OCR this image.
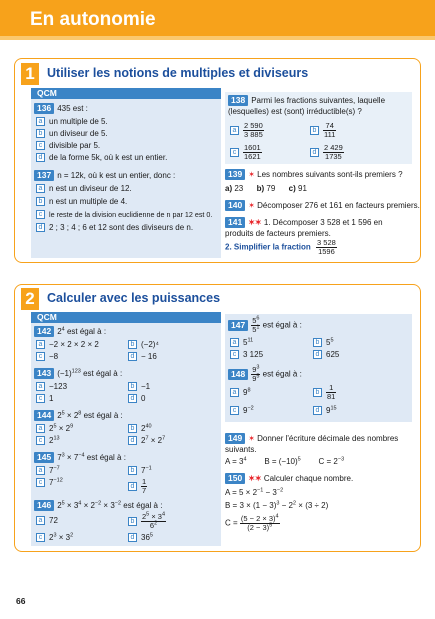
En autonomie
1 Utiliser les notions de multiples et diviseurs
QCM
136 435 est :
a un multiple de 5.
b un diviseur de 5.
c divisible par 5.
d de la forme 5k, où k est un entier.
137 n = 12k, où k est un entier, donc :
a n est un diviseur de 12.
b n est un multiple de 4.
c le reste de la division euclidienne de n par 12 est 0.
d 2 ; 3 ; 4 ; 6 et 12 sont des diviseurs de n.
138 Parmi les fractions suivantes, laquelle (lesquelles) est (sont) irréductible(s) ?
a $\frac{2 590}{3 885}$	b $\frac{74}{111}$
c $\frac{1601}{1621}$	d $\frac{2 429}{1735}$
139 ✶ Les nombres suivants sont-ils premiers ?
a) 23 b) 79 c) 91
140 ✶ Décomposer 276 et 161 en facteurs premiers.
141 ✶✶ 1. Décomposer 3 528 et 1 596 en produits de facteurs premiers.
2. Simplifier la fraction $\frac{3 528}{1596}$
2 Calculer avec les puissances
QCM
142 $2^4$ est égal à :
a −2 × 2 × 2 × 2	b (−2)⁴
c −8	d − 16
143 $(-1)^{123}$ est égal à :
a −123	b −1
c 1	d 0
144 $2^5 \times 2^8$ est égal à :
a $2^5 \times 2^9$	b $2^{40}$
c $2^{13}$	d $2^7 \times 2^7$
145 $7^3 \times 7^{-4}$ est égal à :
a $7^{-7}$	b $7^{-1}$
c $7^{-12}$
d $\frac{1}{7}$
146 $2^5 \times 3^4 \times 2^{-2} \times 3^{-2}$ est égal à :
a 72	b $\frac{2^5 \times 3^4}{6^2}$
c $2^3 \times 3^2$	d $36^5$
$147 \frac{5^6}{5^1}$ est égal à :
a $5^{11}$	b $5^5$
c 3 125	d 625
$148 \frac{9^3}{9^5}$ est égal à :
a $9^8$	b $\frac{1}{81}$
c $9^{-2}$	d $9^{15}$
149 ✶ Donner l'écriture décimale des nombres suivants.
$A = 3^4$        $B = (-10)^5$        $C = 2^{-3}$
150 ✶✶ Calculer chaque nombre.
$A = 5 \times 2^{-1} - 3^{-2}$
$B = 3 \times (1 - 3)^3 - 2^2 \times (3 \div 2)$
$C = \frac{(5 - 2 \times 3)^4}{(2 - 3)^5}$
66
